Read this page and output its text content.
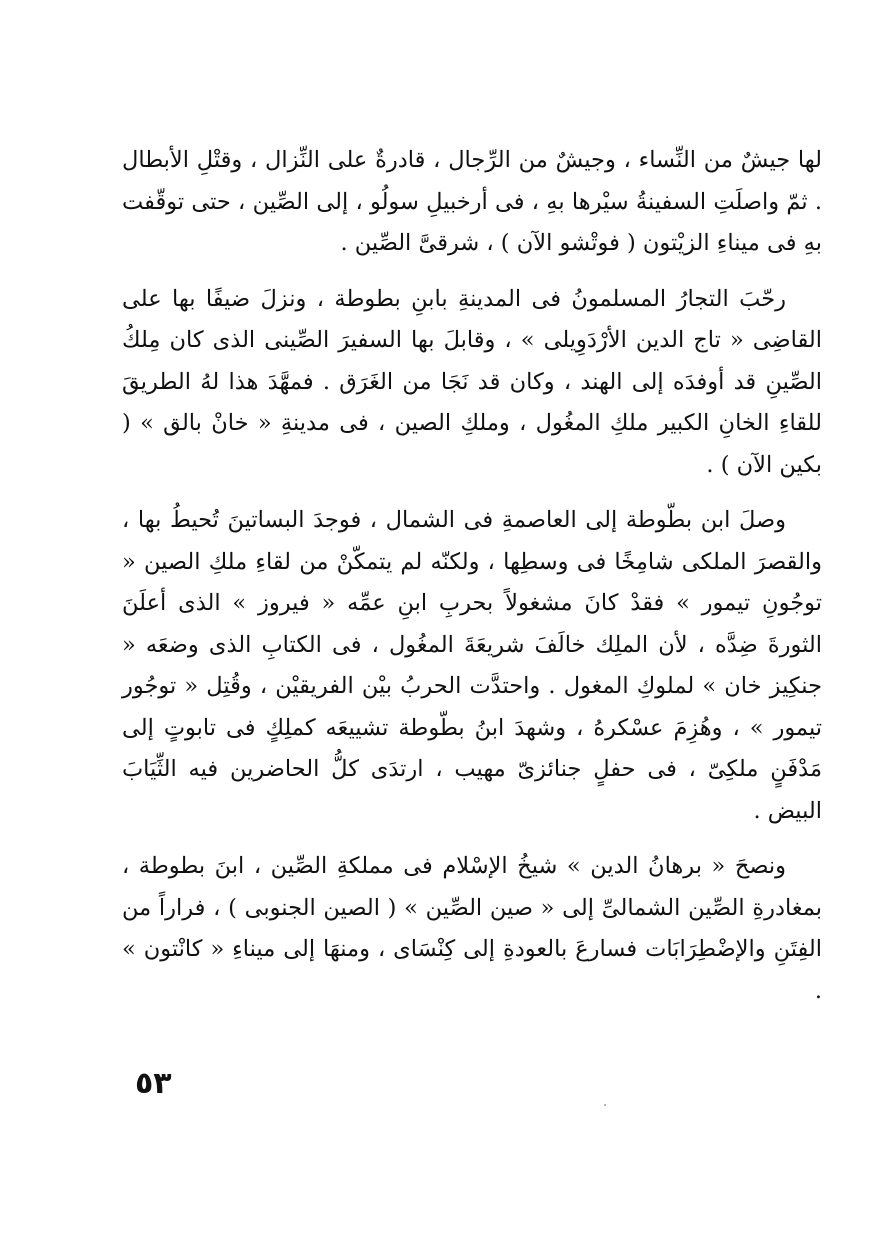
لها جيشٌ من النِّساء ، وجيشٌ من الرِّجال ، قادرةٌ على النِّزال ، وقتْلِ الأبطال . ثمّ واصلَتِ السفينةُ سيْرها بهِ ، فى أرخبيلِ سولُو ، إلى الصِّين ، حتى توقّفت بهِ فى ميناءِ الزيْتون ( فوتْشو الآن ) ، شرقىَّ الصِّين .

رحّبَ التجارُ المسلمونُ فى المدينةِ بابنِ بطوطة ، ونزلَ ضيفًا بها على القاضِى « تاج الدين الأرْدَوِيلى » ، وقابلَ بها السفيرَ الصِّينى الذى كان مِلكُ الصِّينِ قد أوفدَه إلى الهند ، وكان قد نَجَا من الغَرَق . فمهَّدَ هذا لهُ الطريقَ للقاءِ الخانِ الكبير ملكِ المغُول ، وملكِ الصين ، فى مدينةِ « خانْ بالق » ( بكين الآن ) .

وصلَ ابن بطّوطة إلى العاصمةِ فى الشمال ، فوجدَ البساتينَ تُحيطُ بها ، والقصرَ الملكى شامِخًا فى وسطِها ، ولكنّه لم يتمكّنْ من لقاءِ ملكِ الصين « توجُونِ تيمور » فقدْ كانَ مشغولاً بحربِ ابنِ عمِّه « فيروز » الذى أعلَنَ الثورةَ ضِدَّه ، لأن الملِك خالَفَ شريعَةَ المغُول ، فى الكتابِ الذى وضعَه « جنكِيز خان » لملوكِ المغول . واحتدَّت الحربُ بيْن الفريقيْن ، وقُتِل « توجُور تيمور » ، وهُزِمَ عسْكرهُ ، وشهدَ ابنُ بطّوطة تشييعَه كملِكٍ فى تابوتٍ إلى مَدْفَنٍ ملكِىّ ، فى حفلٍ جنائزىّ مهيب ، ارتدَى كلُّ الحاضرين فيه الثِّيَابَ البيض .

ونصحَ « برهانُ الدين » شيخُ الإسْلام فى مملكةِ الصِّين ، ابنَ بطوطة ، بمغادرةِ الصِّين الشمالىِّ إلى « صين الصِّين » ( الصين الجنوبى ) ، فراراً من الفِتَنِ والإضْطِرَابَات فسارعَ بالعودةِ إلى كِنْسَاى ، ومنهَا إلى ميناءِ « كانْتون » .

٥٣
